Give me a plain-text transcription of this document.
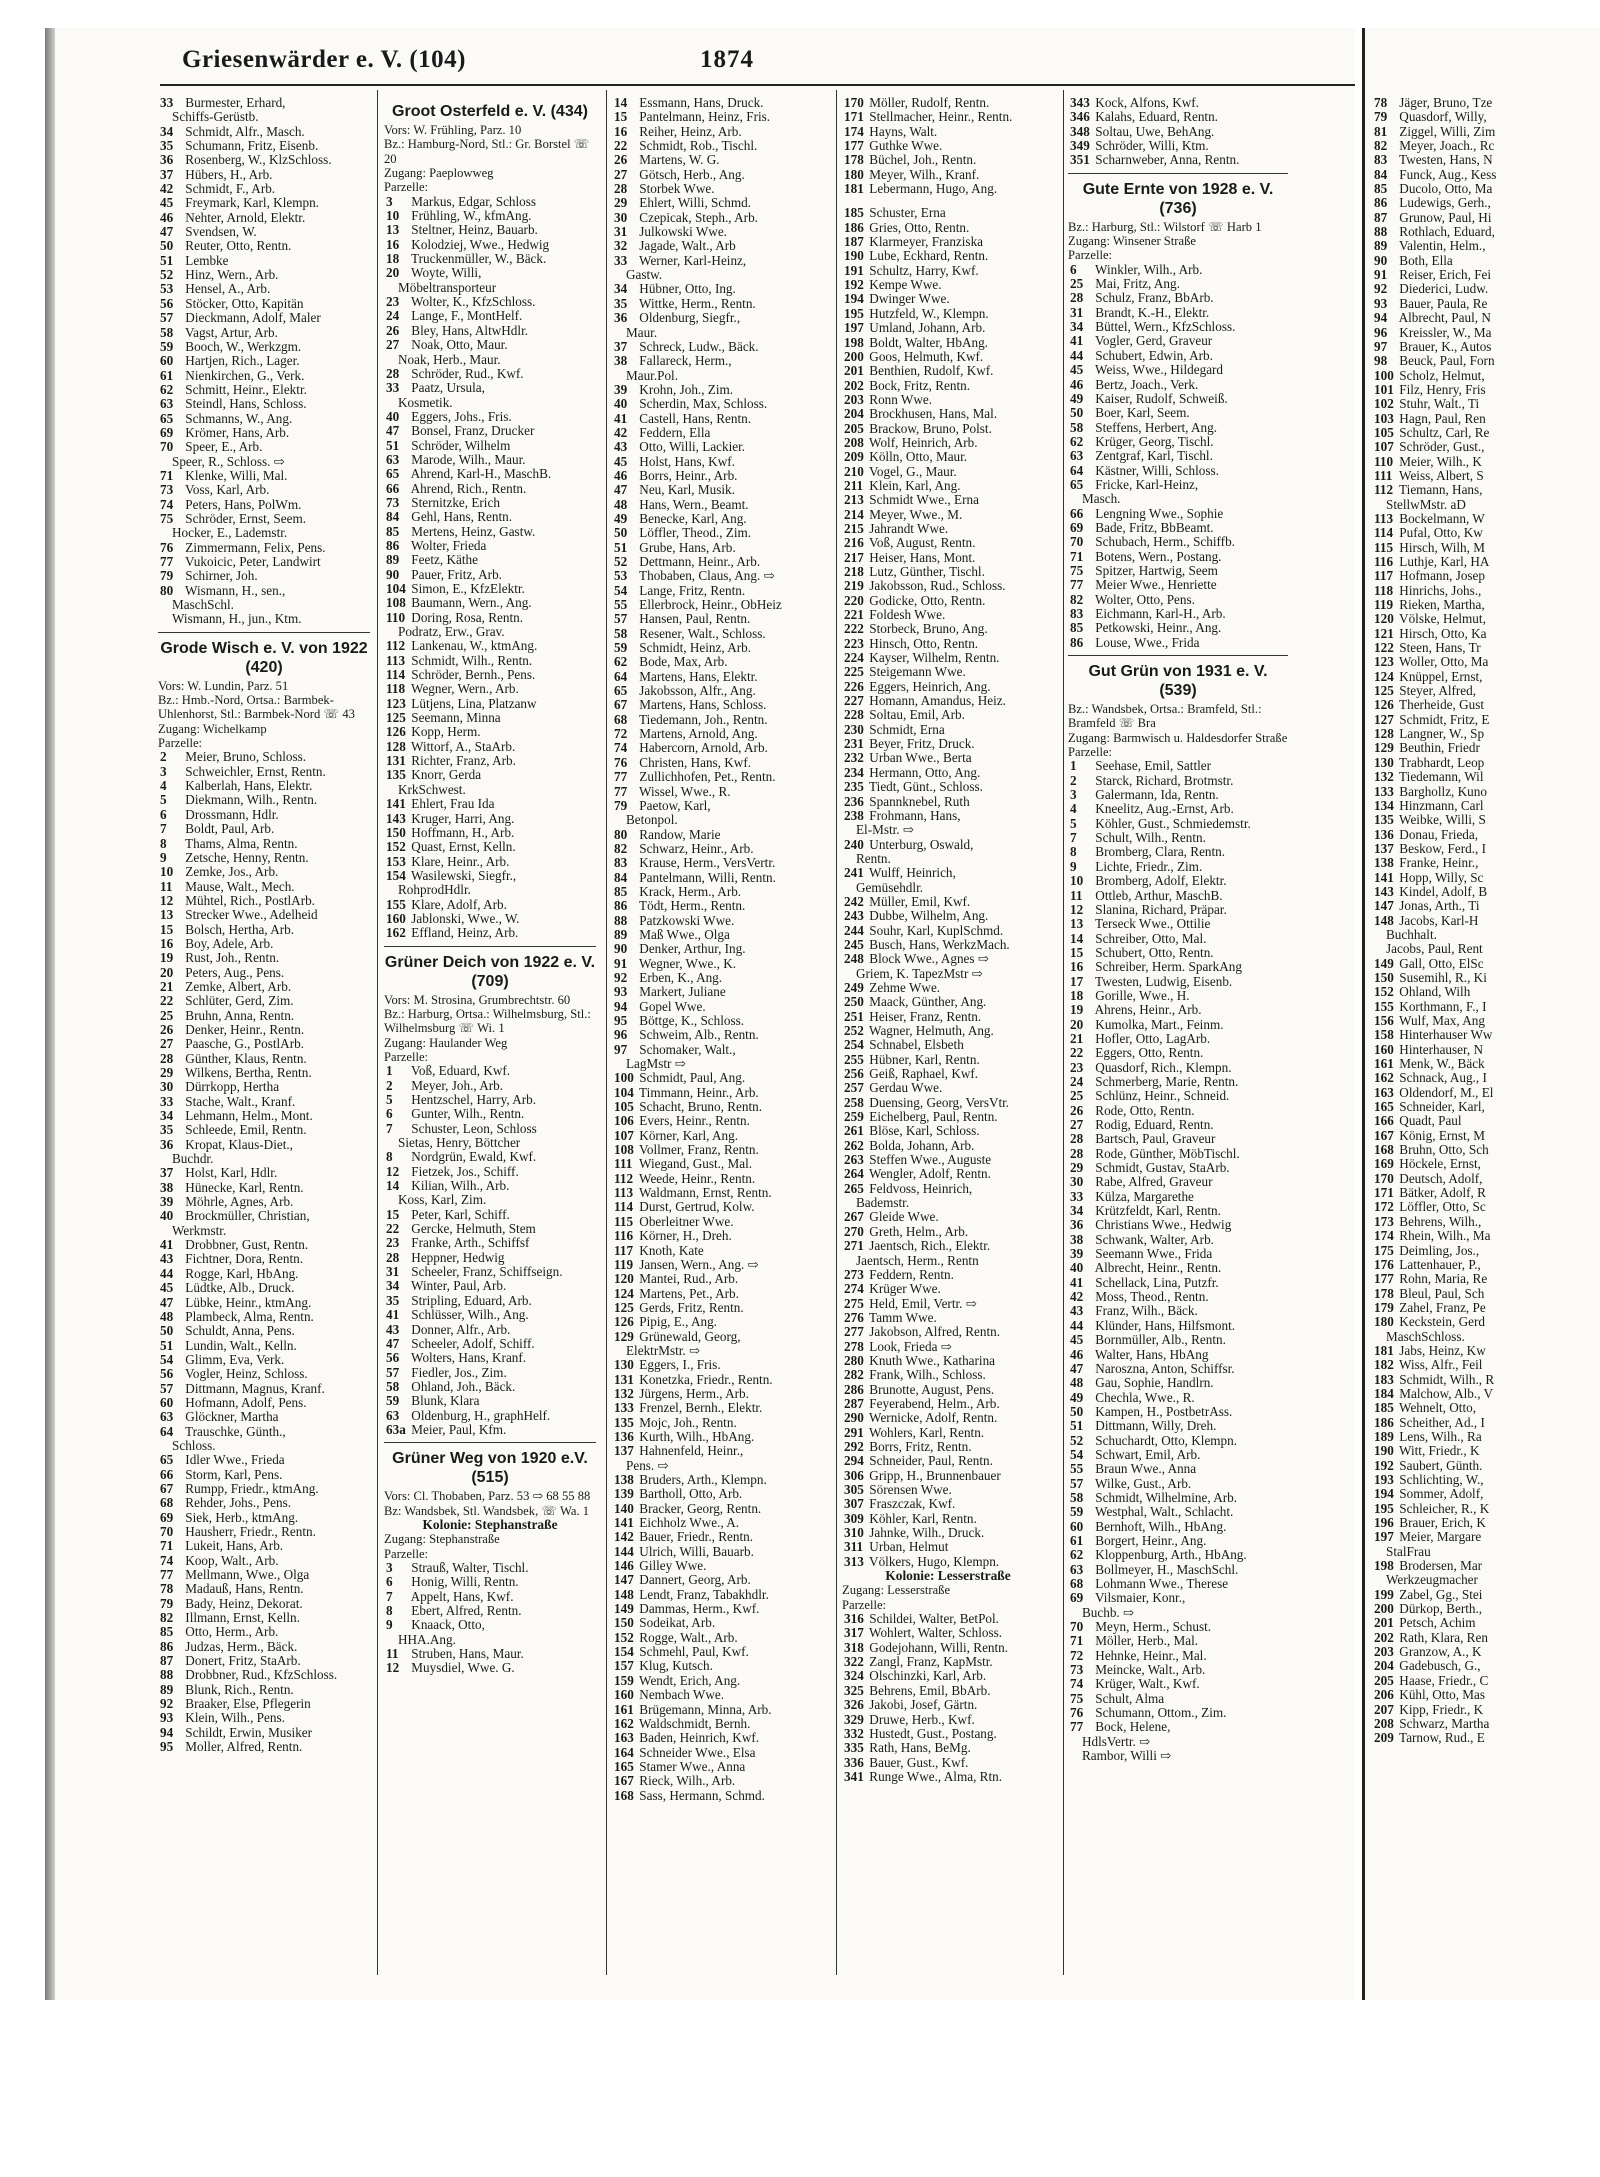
Griesenwärder e. V. (104)	1874
33 Burmester, Erhard,
Schiffs-Gerüstb.
34 Schmidt, Alfr., Masch.
35 Schumann, Fritz, Eisenb.
36 Rosenberg, W., KlzSchloss.
37 Hübers, H., Arb.
42 Schmidt, F., Arb.
45 Freymark, Karl, Klempn.
46 Nehter, Arnold, Elektr.
47 Svendsen, W.
50 Reuter, Otto, Rentn.
51 Lembke
52 Hinz, Wern., Arb.
53 Hensel, A., Arb.
56 Stöcker, Otto, Kapitän
57 Dieckmann, Adolf, Maler
58 Vagst, Artur, Arb.
59 Booch, W., Werkzgm.
60 Hartjen, Rich., Lager.
61 Nienkirchen, G., Verk.
62 Schmitt, Heinr., Elektr.
63 Steindl, Hans, Schloss.
65 Schmanns, W., Ang.
69 Krömer, Hans, Arb.
70 Speer, E., Arb.
Speer, R., Schloss. ⇨
71 Klenke, Willi, Mal.
73 Voss, Karl, Arb.
74 Peters, Hans, PolWm.
75 Schröder, Ernst, Seem.
Hocker, E., Lademstr.
76 Zimmermann, Felix, Pens.
77 Vukoicic, Peter, Landwirt
79 Schirner, Joh.
80 Wismann, H., sen.,
MaschSchl.
Wismann, H., jun., Ktm.
Grode Wisch e. V. von 1922 (420)
Vors: W. Lundin, Parz. 51
Bz.: Hmb.-Nord, Ortsa.: Barmbek-Uhlenhorst, Stl.: Barmbek-Nord ☏ 43
Zugang: Wichelkamp
Parzelle:
2 Meier, Bruno, Schloss.
3 Schweichler, Ernst, Rentn.
4 Kalberlah, Hans, Elektr.
5 Diekmann, Wilh., Rentn.
6 Drossmann, Hdlr.
7 Boldt, Paul, Arb.
8 Thams, Alma, Rentn.
9 Zetsche, Henny, Rentn.
10 Zemke, Jos., Arb.
11 Mause, Walt., Mech.
12 Mühtel, Rich., PostlArb.
13 Strecker Wwe., Adelheid
15 Bolsch, Hertha, Arb.
16 Boy, Adele, Arb.
19 Rust, Joh., Rentn.
20 Peters, Aug., Pens.
21 Zemke, Albert, Arb.
22 Schlüter, Gerd, Zim.
25 Bruhn, Anna, Rentn.
26 Denker, Heinr., Rentn.
27 Paasche, G., PostlArb.
28 Günther, Klaus, Rentn.
29 Wilkens, Bertha, Rentn.
30 Dürrkopp, Hertha
33 Stache, Walt., Kranf.
34 Lehmann, Helm., Mont.
35 Schleede, Emil, Rentn.
36 Kropat, Klaus-Diet.,
Buchdr.
37 Holst, Karl, Hdlr.
38 Hünecke, Karl, Rentn.
39 Möhrle, Agnes, Arb.
40 Brockmüller, Christian,
Werkmstr.
41 Drobbner, Gust, Rentn.
43 Fichtner, Dora, Rentn.
44 Rogge, Karl, HbAng.
45 Lüdtke, Alb., Druck.
47 Lübke, Heinr., ktmAng.
48 Plambeck, Alma, Rentn.
50 Schuldt, Anna, Pens.
51 Lundin, Walt., Kelln.
54 Glimm, Eva, Verk.
56 Vogler, Heinz, Schloss.
57 Dittmann, Magnus, Kranf.
60 Hofmann, Adolf, Pens.
63 Glöckner, Martha
64 Trauschke, Günth.,
Schloss.
65 Idler Wwe., Frieda
66 Storm, Karl, Pens.
67 Rumpp, Friedr., ktmAng.
68 Rehder, Johs., Pens.
69 Siek, Herb., ktmAng.
70 Hausherr, Friedr., Rentn.
71 Lukeit, Hans, Arb.
74 Koop, Walt., Arb.
77 Mellmann, Wwe., Olga
78 Madauß, Hans, Rentn.
79 Bady, Heinz, Dekorat.
82 Illmann, Ernst, Kelln.
85 Otto, Herm., Arb.
86 Judzas, Herm., Bäck.
87 Donert, Fritz, StaArb.
88 Drobbner, Rud., KfzSchloss.
89 Blunk, Rich., Rentn.
92 Braaker, Else, Pflegerin
93 Klein, Wilh., Pens.
94 Schildt, Erwin, Musiker
95 Moller, Alfred, Rentn.
Groot Osterfeld e. V. (434)
Vors: W. Frühling, Parz. 10
Bz.: Hamburg-Nord, Stl.: Gr. Borstel ☏ 20
Zugang: Paeplowweg
Parzelle:
3 Markus, Edgar, Schloss
10 Frühling, W., kfmAng.
13 Steltner, Heinz, Bauarb.
16 Kolodziej, Wwe., Hedwig
18 Truckenmüller, W., Bäck.
20 Woyte, Willi,
Möbeltransporteur
23 Wolter, K., KfzSchloss.
24 Lange, F., MontHelf.
26 Bley, Hans, AltwHdlr.
27 Noak, Otto, Maur.
Noak, Herb., Maur.
28 Schröder, Rud., Kwf.
33 Paatz, Ursula,
Kosmetik.
40 Eggers, Johs., Fris.
47 Bonsel, Franz, Drucker
51 Schröder, Wilhelm
63 Marode, Wilh., Maur.
65 Ahrend, Karl-H., MaschB.
66 Ahrend, Rich., Rentn.
73 Sternitzke, Erich
84 Gehl, Hans, Rentn.
85 Mertens, Heinz, Gastw.
86 Wolter, Frieda
89 Feetz, Käthe
90 Pauer, Fritz, Arb.
104 Simon, E., KfzElektr.
108 Baumann, Wern., Ang.
110 Doring, Rosa, Rentn.
Podratz, Erw., Grav.
112 Lankenau, W., ktmAng.
113 Schmidt, Wilh., Rentn.
114 Schröder, Bernh., Pens.
118 Wegner, Wern., Arb.
123 Lütjens, Lina, Platzanw
125 Seemann, Minna
126 Kopp, Herm.
128 Wittorf, A., StaArb.
131 Richter, Franz, Arb.
135 Knorr, Gerda
KrkSchwest.
141 Ehlert, Frau Ida
143 Kruger, Harri, Ang.
150 Hoffmann, H., Arb.
152 Quast, Ernst, Kelln.
153 Klare, Heinr., Arb.
154 Wasilewski, Siegfr.,
RohprodHdlr.
155 Klare, Adolf, Arb.
160 Jablonski, Wwe., W.
162 Effland, Heinz, Arb.
Grüner Deich von 1922 e. V. (709)
Vors: M. Strosina, Grumbrechtstr. 60
Bz.: Harburg, Ortsa.: Wilhelmsburg, Stl.: Wilhelmsburg ☏ Wi. 1
Zugang: Haulander Weg
Parzelle:
1 Voß, Eduard, Kwf.
2 Meyer, Joh., Arb.
5 Hentzschel, Harry, Arb.
6 Gunter, Wilh., Rentn.
7 Schuster, Leon, Schloss
Sietas, Henry, Böttcher
8 Nordgrün, Ewald, Kwf.
12 Fietzek, Jos., Schiff.
14 Kilian, Wilh., Arb.
Koss, Karl, Zim.
15 Peter, Karl, Schiff.
22 Gercke, Helmuth, Stem
23 Franke, Arth., Schiffsf
28 Heppner, Hedwig
31 Scheeler, Franz, Schiffseign.
34 Winter, Paul, Arb.
35 Stripling, Eduard, Arb.
41 Schlüsser, Wilh., Ang.
43 Donner, Alfr., Arb.
47 Scheeler, Adolf, Schiff.
56 Wolters, Hans, Kranf.
57 Fiedler, Jos., Zim.
58 Ohland, Joh., Bäck.
59 Blunk, Klara
63 Oldenburg, H., graphHelf.
63a Meier, Paul, Kfm.
Grüner Weg von 1920 e.V. (515)
Vors: Cl. Thobaben, Parz. 53 ⇨ 68 55 88
Bz: Wandsbek, Stl. Wandsbek, ☏ Wa. 1
Kolonie: Stephanstraße
Zugang: Stephanstraße
Parzelle:
3 Strauß, Walter, Tischl.
6 Honig, Willi, Rentn.
7 Appelt, Hans, Kwf.
8 Ebert, Alfred, Rentn.
9 Knaack, Otto,
HHA.Ang.
11 Struben, Hans, Maur.
12 Muysdiel, Wwe. G.
14 Essmann, Hans, Druck.
15 Pantelmann, Heinz, Fris.
16 Reiher, Heinz, Arb.
22 Schmidt, Rob., Tischl.
26 Martens, W. G.
27 Götsch, Herb., Ang.
28 Storbek Wwe.
29 Ehlert, Willi, Schmd.
30 Czepicak, Steph., Arb.
31 Julkowski Wwe.
32 Jagade, Walt., Arb
33 Werner, Karl-Heinz,
Gastw.
34 Hübner, Otto, Ing.
35 Wittke, Herm., Rentn.
36 Oldenburg, Siegfr.,
Maur.
37 Schreck, Ludw., Bäck.
38 Fallareck, Herm.,
Maur.Pol.
39 Krohn, Joh., Zim.
40 Scherdin, Max, Schloss.
41 Castell, Hans, Rentn.
42 Feddern, Ella
43 Otto, Willi, Lackier.
45 Holst, Hans, Kwf.
46 Borrs, Heinr., Arb.
47 Neu, Karl, Musik.
48 Hans, Wern., Beamt.
49 Benecke, Karl, Ang.
50 Löffler, Theod., Zim.
51 Grube, Hans, Arb.
52 Dettmann, Heinr., Arb.
53 Thobaben, Claus, Ang. ⇨
54 Lange, Fritz, Rentn.
55 Ellerbrock, Heinr., ObHeiz
57 Hansen, Paul, Rentn.
58 Resener, Walt., Schloss.
59 Schmidt, Heinz, Arb.
62 Bode, Max, Arb.
64 Martens, Hans, Elektr.
65 Jakobsson, Alfr., Ang.
67 Martens, Hans, Schloss.
68 Tiedemann, Joh., Rentn.
72 Martens, Arnold, Ang.
74 Habercorn, Arnold, Arb.
76 Christen, Hans, Kwf.
77 Zullichhofen, Pet., Rentn.
77 Wissel, Wwe., R.
79 Paetow, Karl,
Betonpol.
80 Randow, Marie
82 Schwarz, Heinr., Arb.
83 Krause, Herm., VersVertr.
84 Pantelmann, Willi, Rentn.
85 Krack, Herm., Arb.
86 Tödt, Herm., Rentn.
88 Patzkowski Wwe.
89 Maß Wwe., Olga
90 Denker, Arthur, Ing.
91 Wegner, Wwe., K.
92 Erben, K., Ang.
93 Markert, Juliane
94 Gopel Wwe.
95 Böttge, K., Schloss.
96 Schweim, Alb., Rentn.
97 Schomaker, Walt.,
LagMstr ⇨
100 Schmidt, Paul, Ang.
104 Timmann, Heinr., Arb.
105 Schacht, Bruno, Rentn.
106 Evers, Heinr., Rentn.
107 Körner, Karl, Ang.
108 Vollmer, Franz, Rentn.
111 Wiegand, Gust., Mal.
112 Weede, Heinr., Rentn.
113 Waldmann, Ernst, Rentn.
114 Durst, Gertrud, Kolw.
115 Oberleitner Wwe.
116 Körner, H., Dreh.
117 Knoth, Kate
119 Jansen, Wern., Ang. ⇨
120 Mantei, Rud., Arb.
124 Martens, Pet., Arb.
125 Gerds, Fritz, Rentn.
126 Pipig, E., Ang.
129 Grünewald, Georg,
ElektrMstr. ⇨
130 Eggers, I., Fris.
131 Konetzka, Friedr., Rentn.
132 Jürgens, Herm., Arb.
133 Frenzel, Bernh., Elektr.
135 Mojc, Joh., Rentn.
136 Kurth, Wilh., HbAng.
137 Hahnenfeld, Heinr.,
Pens. ⇨
138 Bruders, Arth., Klempn.
139 Bartholl, Otto, Arb.
140 Bracker, Georg, Rentn.
141 Eichholz Wwe., A.
142 Bauer, Friedr., Rentn.
144 Ulrich, Willi, Bauarb.
146 Gilley Wwe.
147 Dannert, Georg, Arb.
148 Lendt, Franz, Tabakhdlr.
149 Dammas, Herm., Kwf.
150 Sodeikat, Arb.
152 Rogge, Walt., Arb.
154 Schmehl, Paul, Kwf.
157 Klug, Kutsch.
159 Wendt, Erich, Ang.
160 Nembach Wwe.
161 Brügemann, Minna, Arb.
162 Waldschmidt, Bernh.
163 Baden, Heinrich, Kwf.
164 Schneider Wwe., Elsa
165 Stamer Wwe., Anna
167 Rieck, Wilh., Arb.
168 Sass, Hermann, Schmd.
170 Möller, Rudolf, Rentn.
171 Stellmacher, Heinr., Rentn.
174 Hayns, Walt.
177 Guthke Wwe.
178 Büchel, Joh., Rentn.
180 Meyer, Wilh., Kranf.
181 Lebermann, Hugo, Ang.
185 Schuster, Erna
186 Gries, Otto, Rentn.
187 Klarmeyer, Franziska
190 Lube, Eckhard, Rentn.
191 Schultz, Harry, Kwf.
192 Kempe Wwe.
194 Dwinger Wwe.
195 Hutzfeld, W., Klempn.
197 Umland, Johann, Arb.
198 Boldt, Walter, HbAng.
200 Goos, Helmuth, Kwf.
201 Benthien, Rudolf, Kwf.
202 Bock, Fritz, Rentn.
203 Ronn Wwe.
204 Brockhusen, Hans, Mal.
205 Brackow, Bruno, Polst.
208 Wolf, Heinrich, Arb.
209 Kölln, Otto, Maur.
210 Vogel, G., Maur.
211 Klein, Karl, Ang.
213 Schmidt Wwe., Erna
214 Meyer, Wwe., M.
215 Jahrandt Wwe.
216 Voß, August, Rentn.
217 Heiser, Hans, Mont.
218 Lutz, Günther, Tischl.
219 Jakobsson, Rud., Schloss.
220 Godicke, Otto, Rentn.
221 Foldesh Wwe.
222 Storbeck, Bruno, Ang.
223 Hinsch, Otto, Rentn.
224 Kayser, Wilhelm, Rentn.
225 Steigemann Wwe.
226 Eggers, Heinrich, Ang.
227 Homann, Amandus, Heiz.
228 Soltau, Emil, Arb.
230 Schmidt, Erna
231 Beyer, Fritz, Druck.
232 Urban Wwe., Berta
234 Hermann, Otto, Ang.
235 Tiedt, Günt., Schloss.
236 Spannknebel, Ruth
238 Frohmann, Hans,
El-Mstr. ⇨
240 Unterburg, Oswald,
Rentn.
241 Wulff, Heinrich,
Gemüsehdlr.
242 Müller, Emil, Kwf.
243 Dubbe, Wilhelm, Ang.
244 Souhr, Karl, KuplSchmd.
245 Busch, Hans, WerkzMach.
248 Block Wwe., Agnes ⇨
Griem, K. TapezMstr ⇨
249 Zehme Wwe.
250 Maack, Günther, Ang.
251 Heiser, Franz, Rentn.
252 Wagner, Helmuth, Ang.
254 Schnabel, Elsbeth
255 Hübner, Karl, Rentn.
256 Geiß, Raphael, Kwf.
257 Gerdau Wwe.
258 Duensing, Georg, VersVtr.
259 Eichelberg, Paul, Rentn.
261 Blöse, Karl, Schloss.
262 Bolda, Johann, Arb.
263 Steffen Wwe., Auguste
264 Wengler, Adolf, Rentn.
265 Feldvoss, Heinrich,
Bademstr.
267 Gleide Wwe.
270 Greth, Helm., Arb.
271 Jaentsch, Rich., Elektr.
Jaentsch, Herm., Rentn
273 Feddern, Rentn.
274 Krüger Wwe.
275 Held, Emil, Vertr. ⇨
276 Tamm Wwe.
277 Jakobson, Alfred, Rentn.
278 Look, Frieda ⇨
280 Knuth Wwe., Katharina
282 Frank, Wilh., Schloss.
286 Brunotte, August, Pens.
287 Feyerabend, Helm., Arb.
290 Wernicke, Adolf, Rentn.
291 Wohlers, Karl, Rentn.
292 Borrs, Fritz, Rentn.
294 Schneider, Paul, Rentn.
306 Gripp, H., Brunnenbauer
305 Sörensen Wwe.
307 Fraszczak, Kwf.
309 Köhler, Karl, Rentn.
310 Jahnke, Wilh., Druck.
311 Urban, Helmut
313 Völkers, Hugo, Klempn.
Kolonie: Lesserstraße
Zugang: Lesserstraße
Parzelle:
316 Schildei, Walter, BetPol.
317 Wohlert, Walter, Schloss.
318 Godejohann, Willi, Rentn.
322 Zangl, Franz, KapMstr.
324 Olschinzki, Karl, Arb.
325 Behrens, Emil, BbArb.
326 Jakobi, Josef, Gärtn.
329 Druwe, Herb., Kwf.
332 Hustedt, Gust., Postang.
335 Rath, Hans, BeMg.
336 Bauer, Gust., Kwf.
341 Runge Wwe., Alma, Rtn.
343 Kock, Alfons, Kwf.
346 Kalahs, Eduard, Rentn.
348 Soltau, Uwe, BehAng.
349 Schröder, Willi, Ktm.
351 Scharnweber, Anna, Rentn.
Gute Ernte von 1928 e. V. (736)
Bz.: Harburg, Stl.: Wilstorf ☏ Harb 1
Zugang: Winsener Straße
Parzelle:
6 Winkler, Wilh., Arb.
25 Mai, Fritz, Ang.
28 Schulz, Franz, BbArb.
31 Brandt, K.-H., Elektr.
34 Büttel, Wern., KfzSchloss.
41 Vogler, Gerd, Graveur
44 Schubert, Edwin, Arb.
45 Weiss, Wwe., Hildegard
46 Bertz, Joach., Verk.
49 Kaiser, Rudolf, Schweiß.
50 Boer, Karl, Seem.
58 Steffens, Herbert, Ang.
62 Krüger, Georg, Tischl.
63 Zentgraf, Karl, Tischl.
64 Kästner, Willi, Schloss.
65 Fricke, Karl-Heinz,
Masch.
66 Lengning Wwe., Sophie
69 Bade, Fritz, BbBeamt.
70 Schubach, Herm., Schiffb.
71 Botens, Wern., Postang.
75 Spitzer, Hartwig, Seem
77 Meier Wwe., Henriette
82 Wolter, Otto, Pens.
83 Eichmann, Karl-H., Arb.
85 Petkowski, Heinr., Ang.
86 Louse, Wwe., Frida
Gut Grün von 1931 e. V. (539)
Bz.: Wandsbek, Ortsa.: Bramfeld, Stl.: Bramfeld ☏ Bra
Zugang: Barmwisch u. Haldesdorfer Straße
Parzelle:
1 Seehase, Emil, Sattler
2 Starck, Richard, Brotmstr.
3 Galermann, Ida, Rentn.
4 Kneelitz, Aug.-Ernst, Arb.
5 Köhler, Gust., Schmiedemstr.
7 Schult, Wilh., Rentn.
8 Bromberg, Clara, Rentn.
9 Lichte, Friedr., Zim.
10 Bromberg, Adolf, Elektr.
11 Ottleb, Arthur, MaschB.
12 Slanina, Richard, Präpar.
13 Terseck Wwe., Ottilie
14 Schreiber, Otto, Mal.
15 Schubert, Otto, Rentn.
16 Schreiber, Herm. SparkAng
17 Twesten, Ludwig, Eisenb.
18 Gorille, Wwe., H.
19 Ahrens, Heinr., Arb.
20 Kumolka, Mart., Feinm.
21 Hofler, Otto, LagArb.
22 Eggers, Otto, Rentn.
23 Quasdorf, Rich., Klempn.
24 Schmerberg, Marie, Rentn.
25 Schlünz, Heinr., Schneid.
26 Rode, Otto, Rentn.
27 Rodig, Eduard, Rentn.
28 Bartsch, Paul, Graveur
28 Rode, Günther, MöbTischl.
29 Schmidt, Gustav, StaArb.
30 Rabe, Alfred, Graveur
33 Külza, Margarethe
34 Krützfeldt, Karl, Rentn.
36 Christians Wwe., Hedwig
38 Schwank, Walter, Arb.
39 Seemann Wwe., Frida
40 Albrecht, Heinr., Rentn.
41 Schellack, Lina, Putzfr.
42 Moss, Theod., Rentn.
43 Franz, Wilh., Bäck.
44 Klünder, Hans, Hilfsmont.
45 Bornmüller, Alb., Rentn.
46 Walter, Hans, HbAng
47 Naroszna, Anton, Schiffsr.
48 Gau, Sophie, Handlrn.
49 Chechla, Wwe., R.
50 Kampen, H., PostbetrAss.
51 Dittmann, Willy, Dreh.
52 Schuchardt, Otto, Klempn.
54 Schwart, Emil, Arb.
55 Braun Wwe., Anna
57 Wilke, Gust., Arb.
58 Schmidt, Wilhelmine, Arb.
59 Westphal, Walt., Schlacht.
60 Bernhoft, Wilh., HbAng.
61 Borgert, Heinr., Ang.
62 Kloppenburg, Arth., HbAng.
63 Bollmeyer, H., MaschSchl.
68 Lohmann Wwe., Therese
69 Vilsmaier, Konr.,
Buchb. ⇨
70 Meyn, Herm., Schust.
71 Möller, Herb., Mal.
72 Hehnke, Heinr., Mal.
73 Meincke, Walt., Arb.
74 Krüger, Walt., Kwf.
75 Schult, Alma
76 Schumann, Ottom., Zim.
77 Bock, Helene,
HdlsVertr. ⇨
Rambor, Willi ⇨
78 Jäger, Bruno, Tze
79 Quasdorf, Willy,
81 Ziggel, Willi, Zim
82 Meyer, Joach., Rc
83 Twesten, Hans, N
84 Funck, Aug., Kess
85 Ducolo, Otto, Ma
86 Ludewigs, Gerh.,
87 Grunow, Paul, Hi
88 Rothlach, Eduard,
89 Valentin, Helm.,
90 Both, Ella
91 Reiser, Erich, Fei
92 Diederici, Ludw.
93 Bauer, Paula, Re
94 Albrecht, Paul, N
96 Kreissler, W., Ma
97 Brauer, K., Autos
98 Beuck, Paul, Forn
100 Scholz, Helmut,
101 Filz, Henry, Fris
102 Stuhr, Walt., Ti
103 Hagn, Paul, Ren
105 Schultz, Carl, Re
107 Schröder, Gust.,
110 Meier, Wilh., K
111 Weiss, Albert, S
112 Tiemann, Hans,
StellwMstr. aD
113 Bockelmann, W
114 Pufal, Otto, Kw
115 Hirsch, Wilh, M
116 Luthje, Karl, HA
117 Hofmann, Josep
118 Hinrichs, Johs.,
119 Rieken, Martha,
120 Völske, Helmut,
121 Hirsch, Otto, Ka
122 Steen, Hans, Tr
123 Woller, Otto, Ma
124 Knüppel, Ernst,
125 Steyer, Alfred,
126 Therheide, Gust
127 Schmidt, Fritz, E
128 Langner, W., Sp
129 Beuthin, Friedr
130 Trabhardt, Leop
132 Tiedemann, Wil
133 Barghollz, Kuno
134 Hinzmann, Carl
135 Weibke, Willi, S
136 Donau, Frieda,
137 Beskow, Ferd., I
138 Franke, Heinr.,
141 Hopp, Willy, Sc
143 Kindel, Adolf, B
147 Jonas, Arth., Ti
148 Jacobs, Karl-H
Buchhalt.
Jacobs, Paul, Rent
149 Gall, Otto, ElSc
150 Susemihl, R., Ki
152 Ohland, Wilh
155 Korthmann, F., I
156 Wulf, Max, Ang
158 Hinterhauser Ww
160 Hinterhauser, N
161 Menk, W., Bäck
162 Schnack, Aug., I
163 Oldendorf, M., El
165 Schneider, Karl,
166 Quadt, Paul
167 König, Ernst, M
168 Bruhn, Otto, Sch
169 Höckele, Ernst,
170 Deutsch, Adolf,
171 Bätker, Adolf, R
172 Löffler, Otto, Sc
173 Behrens, Wilh.,
174 Rhein, Wilh., Ma
175 Deimling, Jos.,
176 Lattenhauer, P.,
177 Rohn, Maria, Re
178 Bleul, Paul, Sch
179 Zahel, Franz, Pe
180 Keckstein, Gerd
MaschSchloss.
181 Jabs, Heinz, Kw
182 Wiss, Alfr., Feil
183 Schmidt, Wilh., R
184 Malchow, Alb., V
185 Wehnelt, Otto,
186 Scheither, Ad., I
189 Lens, Wilh., Ra
190 Witt, Friedr., K
192 Saubert, Günth.
193 Schlichting, W.,
194 Sommer, Adolf,
195 Schleicher, R., K
196 Brauer, Erich, K
197 Meier, Margare
StalFrau
198 Brodersen, Mar
Werkzeugmacher
199 Zabel, Gg., Stei
200 Dürkop, Berth.,
201 Petsch, Achim
202 Rath, Klara, Ren
203 Granzow, A., K
204 Gadebusch, G.,
205 Haase, Friedr., C
206 Kühl, Otto, Mas
207 Kipp, Friedr., K
208 Schwarz, Martha
209 Tarnow, Rud., E
